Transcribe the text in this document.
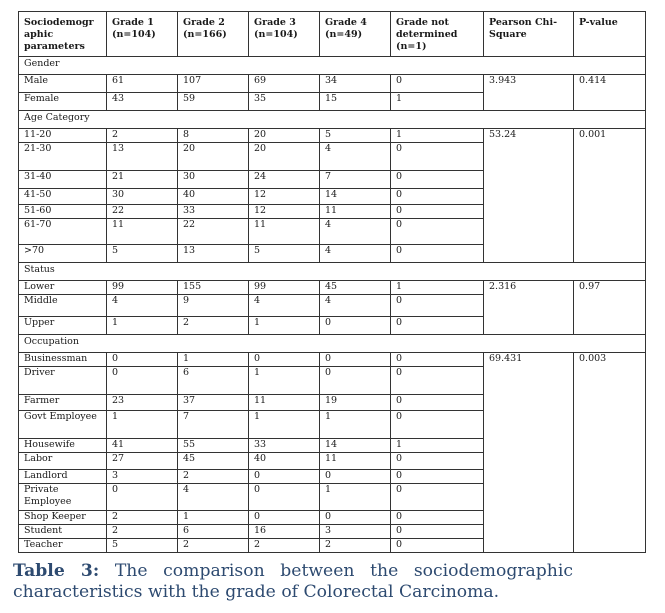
Sociodemogr aphic parameters	Grade 1 (n=104)	Grade 2 (n=166)	Grade 3 (n=104)	Grade 4 (n=49)	Grade not determined (n=1)	Pearson Chi-Square	P-value
Gender							
Male	61	107	69	34	0	3.943	0.414
Female	43	59	35	15	1		
Age Category							
11-20	2	8	20	5	1	53.24	0.001
21-30	13	20	20	4	0		
31-40	21	30	24	7	0		
41-50	30	40	12	14	0		
51-60	22	33	12	11	0		
61-70	11	22	11	4	0		
>70	5	13	5	4	0		
Status							
Lower	99	155	99	45	1	2.316	0.97
Middle	4	9	4	4	0		
Upper	1	2	1	0	0		
Occupation							
Businessman	0	1	0	0	0	69.431	0.003
Driver	0	6	1	0	0		
Farmer	23	37	11	19	0		
Govt Employee	1	7	1	1	0		
Housewife	41	55	33	14	1		
Labor	27	45	40	11	0		
Landlord	3	2	0	0	0		
Private Employee	0	4	0	1	0		
Shop Keeper	2	1	0	0	0		
Student	2	6	16	3	0		
Teacher	5	2	2	2	0		

Table 3: The comparison between the sociodemographic characteristics with the grade of Colorectal Carcinoma.
